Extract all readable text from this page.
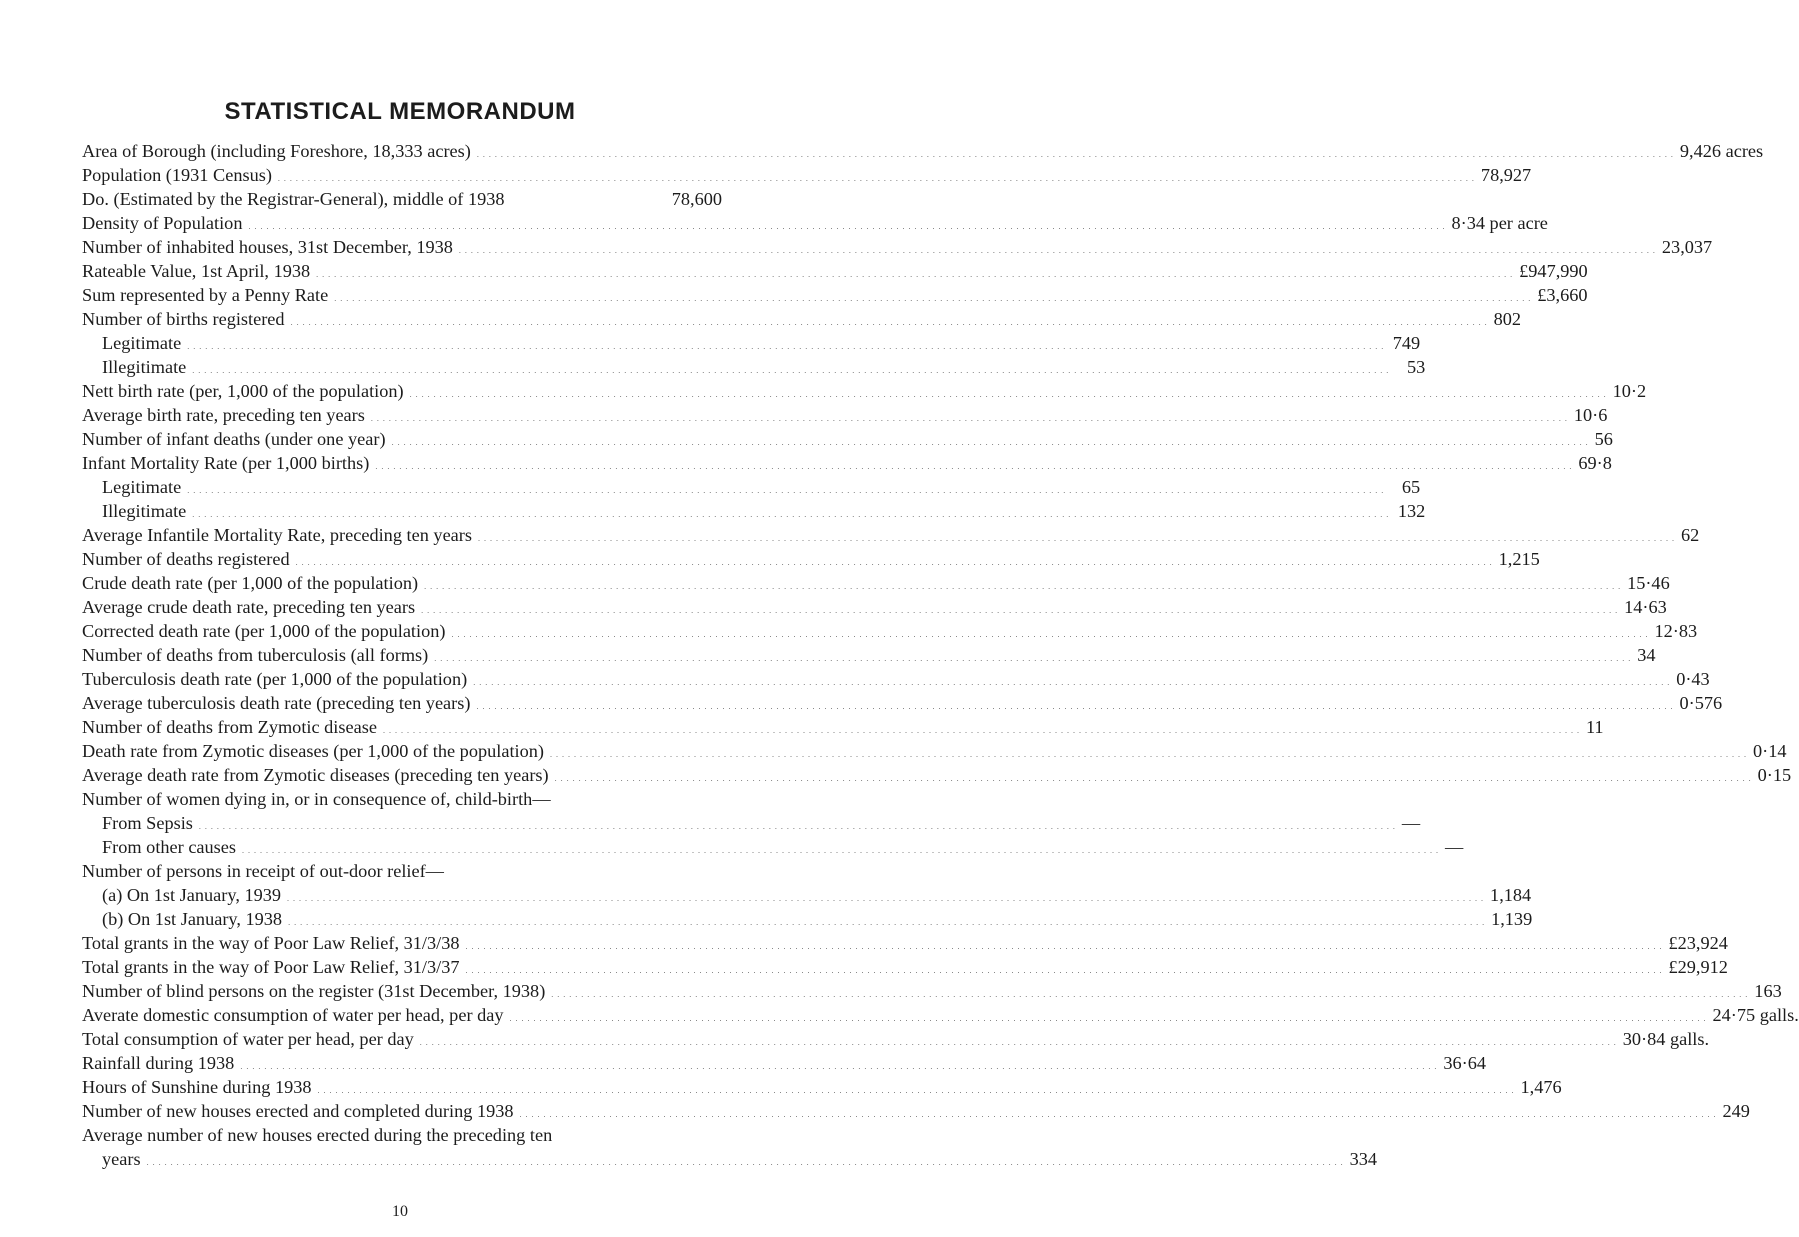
STATISTICAL MEMORANDUM
Area of Borough (including Foreshore, 18,333 acres) . . . . . . . . . . . . . . . . . . . . . . . . . . . . . . . . . . . . . . . . . . . . . . . . . . . . . . . . . . . . . . . . . . . . . . . . . . . . . . . . . . . . . . . . . . . . . . . . . . . . . . . . . . . . . . . . . . . . . . . . . . . . . . . . . . . . . . . . . . . . . . . . . . . . . . . . . . . . . . . . . . . . . . . . . . . . . . . . . . . . . . . . . . . . . . . . . . . . . . . . 9,426 acres
Population (1931 Census) . . . . . . . . . . . . . . . . . . . . . . . . . . . . . . . . . . . . . . . . . . . . . . . . . . . . . . . . . . . . . . . . . . . . . . . . . . . . . . . . . . . . . . . . . . . . . . . . . . . . . . . . . . . . . . . . . . . . . . . . . . . . . . . . . . . . . . . . . . . . . . . . . . . . . . . . . . . . . . . . . . . . . . . . . . . . . . . . . . . . . . . . . . . . . . . . . . . . . . . . 78,927
Do. (Estimated by the Registrar-General), middle of 1938	78,600
Density of Population . . . . . . . . . . . . . . . . . . . . . . . . . . . . . . . . . . . . . . . . . . . . . . . . . . . . . . . . . . . . . . . . . . . . . . . . . . . . . . . . . . . . . . . . . . . . . . . . . . . . . . . . . . . . . . . . . . . . . . . . . . . . . . . . . . . . . . . . . . . . . . . . . . . . . . . . . . . . . . . . . . . . . . . . . . . . . . . . . . . . . . . . . . . . . . . . . . . . . . . . 8·34 per acre
Number of inhabited houses, 31st December, 1938 . . . . . . . . . . . . . . . . . . . . . . . . . . . . . . . . . . . . . . . . . . . . . . . . . . . . . . . . . . . . . . . . . . . . . . . . . . . . . . . . . . . . . . . . . . . . . . . . . . . . . . . . . . . . . . . . . . . . . . . . . . . . . . . . . . . . . . . . . . . . . . . . . . . . . . . . . . . . . . . . . . . . . . . . . . . . . . . . . . . . . . . . . . . . . . . . . . . . . . . . 23,037
Rateable Value, 1st April, 1938 . . . . . . . . . . . . . . . . . . . . . . . . . . . . . . . . . . . . . . . . . . . . . . . . . . . . . . . . . . . . . . . . . . . . . . . . . . . . . . . . . . . . . . . . . . . . . . . . . . . . . . . . . . . . . . . . . . . . . . . . . . . . . . . . . . . . . . . . . . . . . . . . . . . . . . . . . . . . . . . . . . . . . . . . . . . . . . . . . . . . . . . . . . . . . . . . . . . . . . . . £947,990
Sum represented by a Penny Rate . . . . . . . . . . . . . . . . . . . . . . . . . . . . . . . . . . . . . . . . . . . . . . . . . . . . . . . . . . . . . . . . . . . . . . . . . . . . . . . . . . . . . . . . . . . . . . . . . . . . . . . . . . . . . . . . . . . . . . . . . . . . . . . . . . . . . . . . . . . . . . . . . . . . . . . . . . . . . . . . . . . . . . . . . . . . . . . . . . . . . . . . . . . . . . . . . . . . . . . . £3,660
Number of births registered . . . . . . . . . . . . . . . . . . . . . . . . . . . . . . . . . . . . . . . . . . . . . . . . . . . . . . . . . . . . . . . . . . . . . . . . . . . . . . . . . . . . . . . . . . . . . . . . . . . . . . . . . . . . . . . . . . . . . . . . . . . . . . . . . . . . . . . . . . . . . . . . . . . . . . . . . . . . . . . . . . . . . . . . . . . . . . . . . . . . . . . . . . . . . . . . . . . . . . . . 802
Legitimate . . . . . . . . . . . . . . . . . . . . . . . . . . . . . . . . . . . . . . . . . . . . . . . . . . . . . . . . . . . . . . . . . . . . . . . . . . . . . . . . . . . . . . . . . . . . . . . . . . . . . . . . . . . . . . . . . . . . . . . . . . . . . . . . . . . . . . . . . . . . . . . . . . . . . . . . . . . . . . . . . . . . . . . . . . . . . . . . . . . . . . . . . . . . . . . . . . . . . . . . 749
Illegitimate . . . . . . . . . . . . . . . . . . . . . . . . . . . . . . . . . . . . . . . . . . . . . . . . . . . . . . . . . . . . . . . . . . . . . . . . . . . . . . . . . . . . . . . . . . . . . . . . . . . . . . . . . . . . . . . . . . . . . . . . . . . . . . . . . . . . . . . . . . . . . . . . . . . . . . . . . . . . . . . . . . . . . . . . . . . . . . . . . . . . . . . . . . . . . . . . . . . . . . . . 53
Nett birth rate (per, 1,000 of the population) . . . . . . . . . . . . . . . . . . . . . . . . . . . . . . . . . . . . . . . . . . . . . . . . . . . . . . . . . . . . . . . . . . . . . . . . . . . . . . . . . . . . . . . . . . . . . . . . . . . . . . . . . . . . . . . . . . . . . . . . . . . . . . . . . . . . . . . . . . . . . . . . . . . . . . . . . . . . . . . . . . . . . . . . . . . . . . . . . . . . . . . . . . . . . . . . . . . . . . . . 10·2
Average birth rate, preceding ten years . . . . . . . . . . . . . . . . . . . . . . . . . . . . . . . . . . . . . . . . . . . . . . . . . . . . . . . . . . . . . . . . . . . . . . . . . . . . . . . . . . . . . . . . . . . . . . . . . . . . . . . . . . . . . . . . . . . . . . . . . . . . . . . . . . . . . . . . . . . . . . . . . . . . . . . . . . . . . . . . . . . . . . . . . . . . . . . . . . . . . . . . . . . . . . . . . . . . . . . . 10·6
Number of infant deaths (under one year) . . . . . . . . . . . . . . . . . . . . . . . . . . . . . . . . . . . . . . . . . . . . . . . . . . . . . . . . . . . . . . . . . . . . . . . . . . . . . . . . . . . . . . . . . . . . . . . . . . . . . . . . . . . . . . . . . . . . . . . . . . . . . . . . . . . . . . . . . . . . . . . . . . . . . . . . . . . . . . . . . . . . . . . . . . . . . . . . . . . . . . . . . . . . . . . . . . . . . . . . 56
Infant Mortality Rate (per 1,000 births) . . . . . . . . . . . . . . . . . . . . . . . . . . . . . . . . . . . . . . . . . . . . . . . . . . . . . . . . . . . . . . . . . . . . . . . . . . . . . . . . . . . . . . . . . . . . . . . . . . . . . . . . . . . . . . . . . . . . . . . . . . . . . . . . . . . . . . . . . . . . . . . . . . . . . . . . . . . . . . . . . . . . . . . . . . . . . . . . . . . . . . . . . . . . . . . . . . . . . . . . 69·8
Legitimate . . . . . . . . . . . . . . . . . . . . . . . . . . . . . . . . . . . . . . . . . . . . . . . . . . . . . . . . . . . . . . . . . . . . . . . . . . . . . . . . . . . . . . . . . . . . . . . . . . . . . . . . . . . . . . . . . . . . . . . . . . . . . . . . . . . . . . . . . . . . . . . . . . . . . . . . . . . . . . . . . . . . . . . . . . . . . . . . . . . . . . . . . . . . . . . . . . . . . . . . 65
Illegitimate . . . . . . . . . . . . . . . . . . . . . . . . . . . . . . . . . . . . . . . . . . . . . . . . . . . . . . . . . . . . . . . . . . . . . . . . . . . . . . . . . . . . . . . . . . . . . . . . . . . . . . . . . . . . . . . . . . . . . . . . . . . . . . . . . . . . . . . . . . . . . . . . . . . . . . . . . . . . . . . . . . . . . . . . . . . . . . . . . . . . . . . . . . . . . . . . . . . . . . . . 132
Average Infantile Mortality Rate, preceding ten years . . . . . . . . . . . . . . . . . . . . . . . . . . . . . . . . . . . . . . . . . . . . . . . . . . . . . . . . . . . . . . . . . . . . . . . . . . . . . . . . . . . . . . . . . . . . . . . . . . . . . . . . . . . . . . . . . . . . . . . . . . . . . . . . . . . . . . . . . . . . . . . . . . . . . . . . . . . . . . . . . . . . . . . . . . . . . . . . . . . . . . . . . . . . . . . . . . . . . . . . 62
Number of deaths registered . . . . . . . . . . . . . . . . . . . . . . . . . . . . . . . . . . . . . . . . . . . . . . . . . . . . . . . . . . . . . . . . . . . . . . . . . . . . . . . . . . . . . . . . . . . . . . . . . . . . . . . . . . . . . . . . . . . . . . . . . . . . . . . . . . . . . . . . . . . . . . . . . . . . . . . . . . . . . . . . . . . . . . . . . . . . . . . . . . . . . . . . . . . . . . . . . . . . . . . . 1,215
Crude death rate (per 1,000 of the population) . . . . . . . . . . . . . . . . . . . . . . . . . . . . . . . . . . . . . . . . . . . . . . . . . . . . . . . . . . . . . . . . . . . . . . . . . . . . . . . . . . . . . . . . . . . . . . . . . . . . . . . . . . . . . . . . . . . . . . . . . . . . . . . . . . . . . . . . . . . . . . . . . . . . . . . . . . . . . . . . . . . . . . . . . . . . . . . . . . . . . . . . . . . . . . . . . . . . . . . . 15·46
Average crude death rate, preceding ten years . . . . . . . . . . . . . . . . . . . . . . . . . . . . . . . . . . . . . . . . . . . . . . . . . . . . . . . . . . . . . . . . . . . . . . . . . . . . . . . . . . . . . . . . . . . . . . . . . . . . . . . . . . . . . . . . . . . . . . . . . . . . . . . . . . . . . . . . . . . . . . . . . . . . . . . . . . . . . . . . . . . . . . . . . . . . . . . . . . . . . . . . . . . . . . . . . . . . . . . . 14·63
Corrected death rate (per 1,000 of the population) . . . . . . . . . . . . . . . . . . . . . . . . . . . . . . . . . . . . . . . . . . . . . . . . . . . . . . . . . . . . . . . . . . . . . . . . . . . . . . . . . . . . . . . . . . . . . . . . . . . . . . . . . . . . . . . . . . . . . . . . . . . . . . . . . . . . . . . . . . . . . . . . . . . . . . . . . . . . . . . . . . . . . . . . . . . . . . . . . . . . . . . . . . . . . . . . . . . . . . . . 12·83
Number of deaths from tuberculosis (all forms) . . . . . . . . . . . . . . . . . . . . . . . . . . . . . . . . . . . . . . . . . . . . . . . . . . . . . . . . . . . . . . . . . . . . . . . . . . . . . . . . . . . . . . . . . . . . . . . . . . . . . . . . . . . . . . . . . . . . . . . . . . . . . . . . . . . . . . . . . . . . . . . . . . . . . . . . . . . . . . . . . . . . . . . . . . . . . . . . . . . . . . . . . . . . . . . . . . . . . . . . 34
Tuberculosis death rate (per 1,000 of the population) . . . . . . . . . . . . . . . . . . . . . . . . . . . . . . . . . . . . . . . . . . . . . . . . . . . . . . . . . . . . . . . . . . . . . . . . . . . . . . . . . . . . . . . . . . . . . . . . . . . . . . . . . . . . . . . . . . . . . . . . . . . . . . . . . . . . . . . . . . . . . . . . . . . . . . . . . . . . . . . . . . . . . . . . . . . . . . . . . . . . . . . . . . . . . . . . . . . . . . . . 0·43
Average tuberculosis death rate (preceding ten years) . . . . . . . . . . . . . . . . . . . . . . . . . . . . . . . . . . . . . . . . . . . . . . . . . . . . . . . . . . . . . . . . . . . . . . . . . . . . . . . . . . . . . . . . . . . . . . . . . . . . . . . . . . . . . . . . . . . . . . . . . . . . . . . . . . . . . . . . . . . . . . . . . . . . . . . . . . . . . . . . . . . . . . . . . . . . . . . . . . . . . . . . . . . . . . . . . . . . . . . . 0·576
Number of deaths from Zymotic disease . . . . . . . . . . . . . . . . . . . . . . . . . . . . . . . . . . . . . . . . . . . . . . . . . . . . . . . . . . . . . . . . . . . . . . . . . . . . . . . . . . . . . . . . . . . . . . . . . . . . . . . . . . . . . . . . . . . . . . . . . . . . . . . . . . . . . . . . . . . . . . . . . . . . . . . . . . . . . . . . . . . . . . . . . . . . . . . . . . . . . . . . . . . . . . . . . . . . . . . . 11
Death rate from Zymotic diseases (per 1,000 of the population) . . . . . . . . . . . . . . . . . . . . . . . . . . . . . . . . . . . . . . . . . . . . . . . . . . . . . . . . . . . . . . . . . . . . . . . . . . . . . . . . . . . . . . . . . . . . . . . . . . . . . . . . . . . . . . . . . . . . . . . . . . . . . . . . . . . . . . . . . . . . . . . . . . . . . . . . . . . . . . . . . . . . . . . . . . . . . . . . . . . . . . . . . . . . . . . . . . . . . . . . 0·14
Average death rate from Zymotic diseases (preceding ten years) . . . . . . . . . . . . . . . . . . . . . . . . . . . . . . . . . . . . . . . . . . . . . . . . . . . . . . . . . . . . . . . . . . . . . . . . . . . . . . . . . . . . . . . . . . . . . . . . . . . . . . . . . . . . . . . . . . . . . . . . . . . . . . . . . . . . . . . . . . . . . . . . . . . . . . . . . . . . . . . . . . . . . . . . . . . . . . . . . . . . . . . . . . . . . . . . . . . . . . . . 0·15
Number of women dying in, or in consequence of, child-birth—
From Sepsis . . . . . . . . . . . . . . . . . . . . . . . . . . . . . . . . . . . . . . . . . . . . . . . . . . . . . . . . . . . . . . . . . . . . . . . . . . . . . . . . . . . . . . . . . . . . . . . . . . . . . . . . . . . . . . . . . . . . . . . . . . . . . . . . . . . . . . . . . . . . . . . . . . . . . . . . . . . . . . . . . . . . . . . . . . . . . . . . . . . . . . . . . . . . . . . . . . . . . . . . —
From other causes . . . . . . . . . . . . . . . . . . . . . . . . . . . . . . . . . . . . . . . . . . . . . . . . . . . . . . . . . . . . . . . . . . . . . . . . . . . . . . . . . . . . . . . . . . . . . . . . . . . . . . . . . . . . . . . . . . . . . . . . . . . . . . . . . . . . . . . . . . . . . . . . . . . . . . . . . . . . . . . . . . . . . . . . . . . . . . . . . . . . . . . . . . . . . . . . . . . . . . . . —
Number of persons in receipt of out-door relief—
(a) On 1st January, 1939 . . . . . . . . . . . . . . . . . . . . . . . . . . . . . . . . . . . . . . . . . . . . . . . . . . . . . . . . . . . . . . . . . . . . . . . . . . . . . . . . . . . . . . . . . . . . . . . . . . . . . . . . . . . . . . . . . . . . . . . . . . . . . . . . . . . . . . . . . . . . . . . . . . . . . . . . . . . . . . . . . . . . . . . . . . . . . . . . . . . . . . . . . . . . . . . . . . . . . . . . 1,184
(b) On 1st January, 1938 . . . . . . . . . . . . . . . . . . . . . . . . . . . . . . . . . . . . . . . . . . . . . . . . . . . . . . . . . . . . . . . . . . . . . . . . . . . . . . . . . . . . . . . . . . . . . . . . . . . . . . . . . . . . . . . . . . . . . . . . . . . . . . . . . . . . . . . . . . . . . . . . . . . . . . . . . . . . . . . . . . . . . . . . . . . . . . . . . . . . . . . . . . . . . . . . . . . . . . . . 1,139
Total grants in the way of Poor Law Relief, 31/3/38 . . . . . . . . . . . . . . . . . . . . . . . . . . . . . . . . . . . . . . . . . . . . . . . . . . . . . . . . . . . . . . . . . . . . . . . . . . . . . . . . . . . . . . . . . . . . . . . . . . . . . . . . . . . . . . . . . . . . . . . . . . . . . . . . . . . . . . . . . . . . . . . . . . . . . . . . . . . . . . . . . . . . . . . . . . . . . . . . . . . . . . . . . . . . . . . . . . . . . . . . £23,924
Total grants in the way of Poor Law Relief, 31/3/37 . . . . . . . . . . . . . . . . . . . . . . . . . . . . . . . . . . . . . . . . . . . . . . . . . . . . . . . . . . . . . . . . . . . . . . . . . . . . . . . . . . . . . . . . . . . . . . . . . . . . . . . . . . . . . . . . . . . . . . . . . . . . . . . . . . . . . . . . . . . . . . . . . . . . . . . . . . . . . . . . . . . . . . . . . . . . . . . . . . . . . . . . . . . . . . . . . . . . . . . . £29,912
Number of blind persons on the register (31st December, 1938) . . . . . . . . . . . . . . . . . . . . . . . . . . . . . . . . . . . . . . . . . . . . . . . . . . . . . . . . . . . . . . . . . . . . . . . . . . . . . . . . . . . . . . . . . . . . . . . . . . . . . . . . . . . . . . . . . . . . . . . . . . . . . . . . . . . . . . . . . . . . . . . . . . . . . . . . . . . . . . . . . . . . . . . . . . . . . . . . . . . . . . . . . . . . . . . . . . . . . . . . 163
Averate domestic consumption of water per head, per day . . . . . . . . . . . . . . . . . . . . . . . . . . . . . . . . . . . . . . . . . . . . . . . . . . . . . . . . . . . . . . . . . . . . . . . . . . . . . . . . . . . . . . . . . . . . . . . . . . . . . . . . . . . . . . . . . . . . . . . . . . . . . . . . . . . . . . . . . . . . . . . . . . . . . . . . . . . . . . . . . . . . . . . . . . . . . . . . . . . . . . . . . . . . . . . . . . . . . . . . 24·75 galls.
Total consumption of water per head, per day . . . . . . . . . . . . . . . . . . . . . . . . . . . . . . . . . . . . . . . . . . . . . . . . . . . . . . . . . . . . . . . . . . . . . . . . . . . . . . . . . . . . . . . . . . . . . . . . . . . . . . . . . . . . . . . . . . . . . . . . . . . . . . . . . . . . . . . . . . . . . . . . . . . . . . . . . . . . . . . . . . . . . . . . . . . . . . . . . . . . . . . . . . . . . . . . . . . . . . . . 30·84 galls.
Rainfall during 1938 . . . . . . . . . . . . . . . . . . . . . . . . . . . . . . . . . . . . . . . . . . . . . . . . . . . . . . . . . . . . . . . . . . . . . . . . . . . . . . . . . . . . . . . . . . . . . . . . . . . . . . . . . . . . . . . . . . . . . . . . . . . . . . . . . . . . . . . . . . . . . . . . . . . . . . . . . . . . . . . . . . . . . . . . . . . . . . . . . . . . . . . . . . . . . . . . . . . . . . . . 36·64
Hours of Sunshine during 1938 . . . . . . . . . . . . . . . . . . . . . . . . . . . . . . . . . . . . . . . . . . . . . . . . . . . . . . . . . . . . . . . . . . . . . . . . . . . . . . . . . . . . . . . . . . . . . . . . . . . . . . . . . . . . . . . . . . . . . . . . . . . . . . . . . . . . . . . . . . . . . . . . . . . . . . . . . . . . . . . . . . . . . . . . . . . . . . . . . . . . . . . . . . . . . . . . . . . . . . . . 1,476
Number of new houses erected and completed during 1938 . . . . . . . . . . . . . . . . . . . . . . . . . . . . . . . . . . . . . . . . . . . . . . . . . . . . . . . . . . . . . . . . . . . . . . . . . . . . . . . . . . . . . . . . . . . . . . . . . . . . . . . . . . . . . . . . . . . . . . . . . . . . . . . . . . . . . . . . . . . . . . . . . . . . . . . . . . . . . . . . . . . . . . . . . . . . . . . . . . . . . . . . . . . . . . . . . . . . . . . . 249
Average number of new houses erected during the preceding ten
years . . . . . . . . . . . . . . . . . . . . . . . . . . . . . . . . . . . . . . . . . . . . . . . . . . . . . . . . . . . . . . . . . . . . . . . . . . . . . . . . . . . . . . . . . . . . . . . . . . . . . . . . . . . . . . . . . . . . . . . . . . . . . . . . . . . . . . . . . . . . . . . . . . . . . . . . . . . . . . . . . . . . . . . . . . . . . . . . . . . . . . . . . . . . . . . . . . . . . . . . 334
10
